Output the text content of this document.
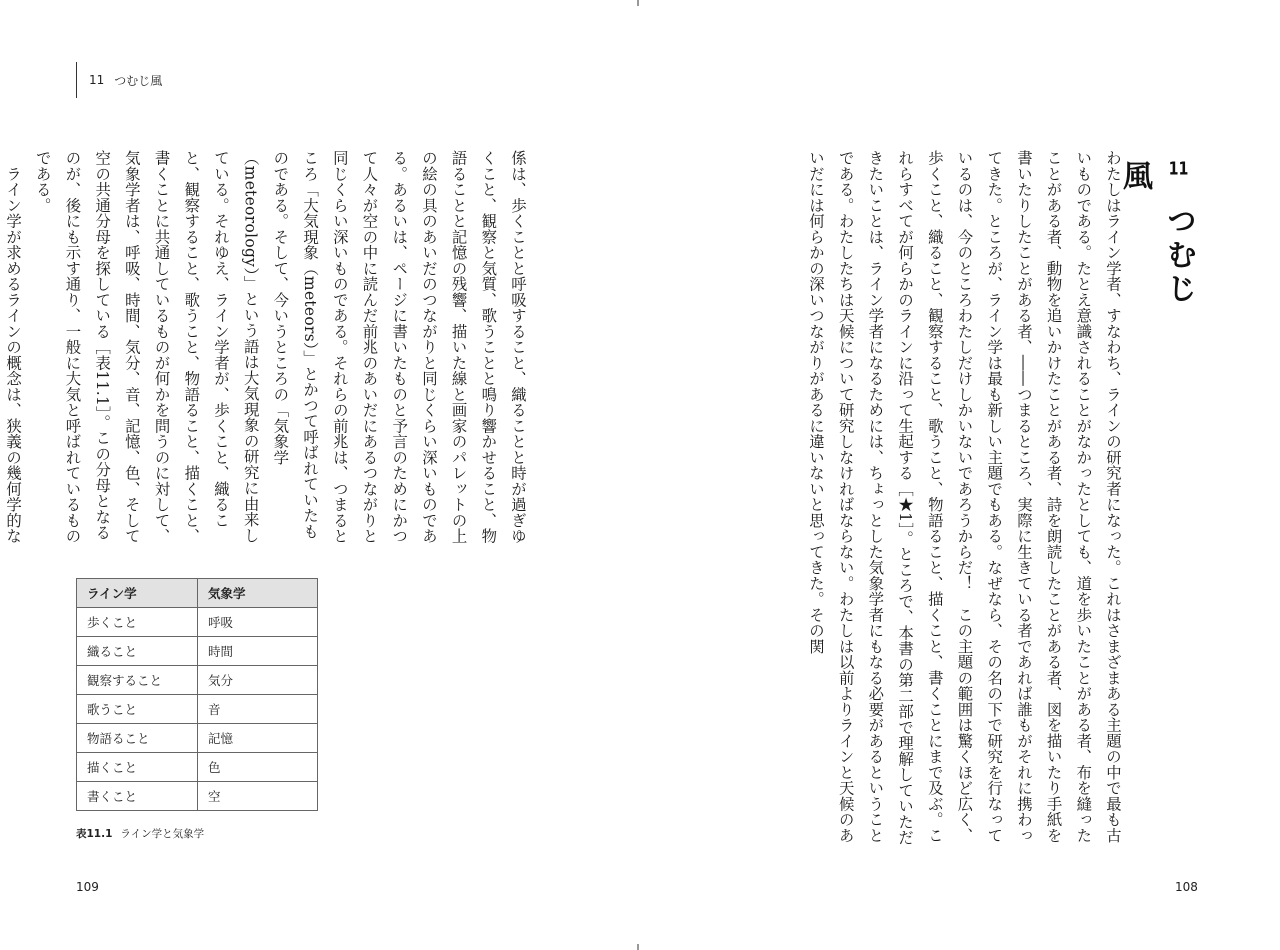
11 つむじ風
係は、歩くことと呼吸すること、織ることと時が過ぎゆくこと、観察と気質、歌うことと鳴り響かせること、物語ることと記憶の残響、描いた線と画家のパレットの上の絵の具のあいだのつながりと同じくらい深いものである。あるいは、ページに書いたものと予言のためにかつて人々が空の中に読んだ前兆のあいだにあるつながりと同じくらい深いものである。それらの前兆は、つまるところ「大気現象（meteors）」とかつて呼ばれていたものである。そして、今いうところの「気象学（meteorology）」という語は大気現象の研究に由来している。それゆえ、ライン学者が、歩くこと、織ること、観察すること、歌うこと、物語ること、描くこと、書くことに共通しているものが何かを問うのに対して、気象学者は、呼吸、時間、気分、音、記憶、色、そして空の共通分母を探している［表11.1］。この分母となるのが、後にも示す通り、一般に大気と呼ばれているものである。
　ライン学が求めるラインの概念は、狭義の幾何学的な
ライン学	気象学
歩くこと	呼吸
織ること	時間
観察すること	気分
歌うこと	音
物語ること	記憶
描くこと	色
書くこと	空
表11.1 ライン学と気象学
109
11 つむじ風
わたしはライン学者、すなわち、ラインの研究者になった。これはさまざまある主題の中で最も古いものである。たとえ意識されることがなかったとしても、道を歩いたことがある者、布を縫ったことがある者、動物を追いかけたことがある者、詩を朗読したことがある者、図を描いたり手紙を書いたりしたことがある者、――つまるところ、実際に生きている者であれば誰もがそれに携わってきた。ところが、ライン学は最も新しい主題でもある。なぜなら、その名の下で研究を行なっているのは、今のところわたしだけしかいないであろうからだ！　この主題の範囲は驚くほど広く、歩くこと、織ること、観察すること、歌うこと、物語ること、描くこと、書くことにまで及ぶ。これらすべてが何らかのラインに沿って生起する［★1］。ところで、本書の第二部で理解していただきたいことは、ライン学者になるためには、ちょっとした気象学者にもなる必要があるということである。わたしたちは天候について研究しなければならない。わたしは以前よりラインと天候のあいだには何らかの深いつながりがあるに違いないと思ってきた。その関
108
